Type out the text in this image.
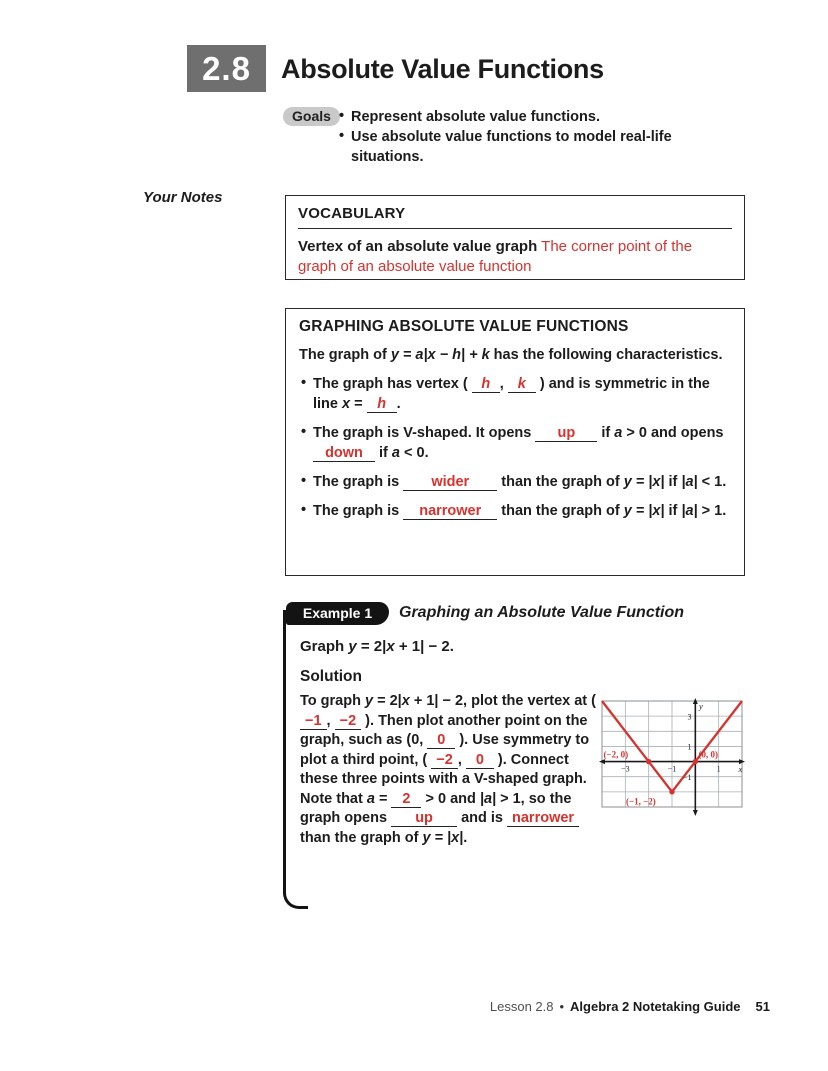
2.8	Absolute Value Functions
Goals • Represent absolute value functions.
• Use absolute value functions to model real-life situations.
Your Notes
VOCABULARY

Vertex of an absolute value graph The corner point of the graph of an absolute value function

GRAPHING ABSOLUTE VALUE FUNCTIONS

The graph of y = a|x − h| + k has the following characteristics.

• The graph has vertex ( h , k ) and is symmetric in the line x = h .
• The graph is V-shaped. It opens up if a > 0 and opens down if a < 0.
• The graph is wider than the graph of y = |x| if |a| < 1.
• The graph is narrower than the graph of y = |x| if |a| > 1.
Example 1	Graphing an Absolute Value Function

Graph y = 2|x + 1| − 2.

Solution

To graph y = 2|x + 1| − 2, plot the vertex at ( −1 , −2 ). Then plot another point on the graph, such as (0, 0 ). Use symmetry to plot a third point, ( −2 , 0 ). Connect these three points with a V-shaped graph. Note that a = 2 > 0 and |a| > 1, so the graph opens up and is narrower than the graph of y = |x|.

−3	−1	1
3
1
−1
x
y
(−2, 0)	(0, 0)
(−1, −2)
Lesson 2.8 • Algebra 2 Notetaking Guide 51
